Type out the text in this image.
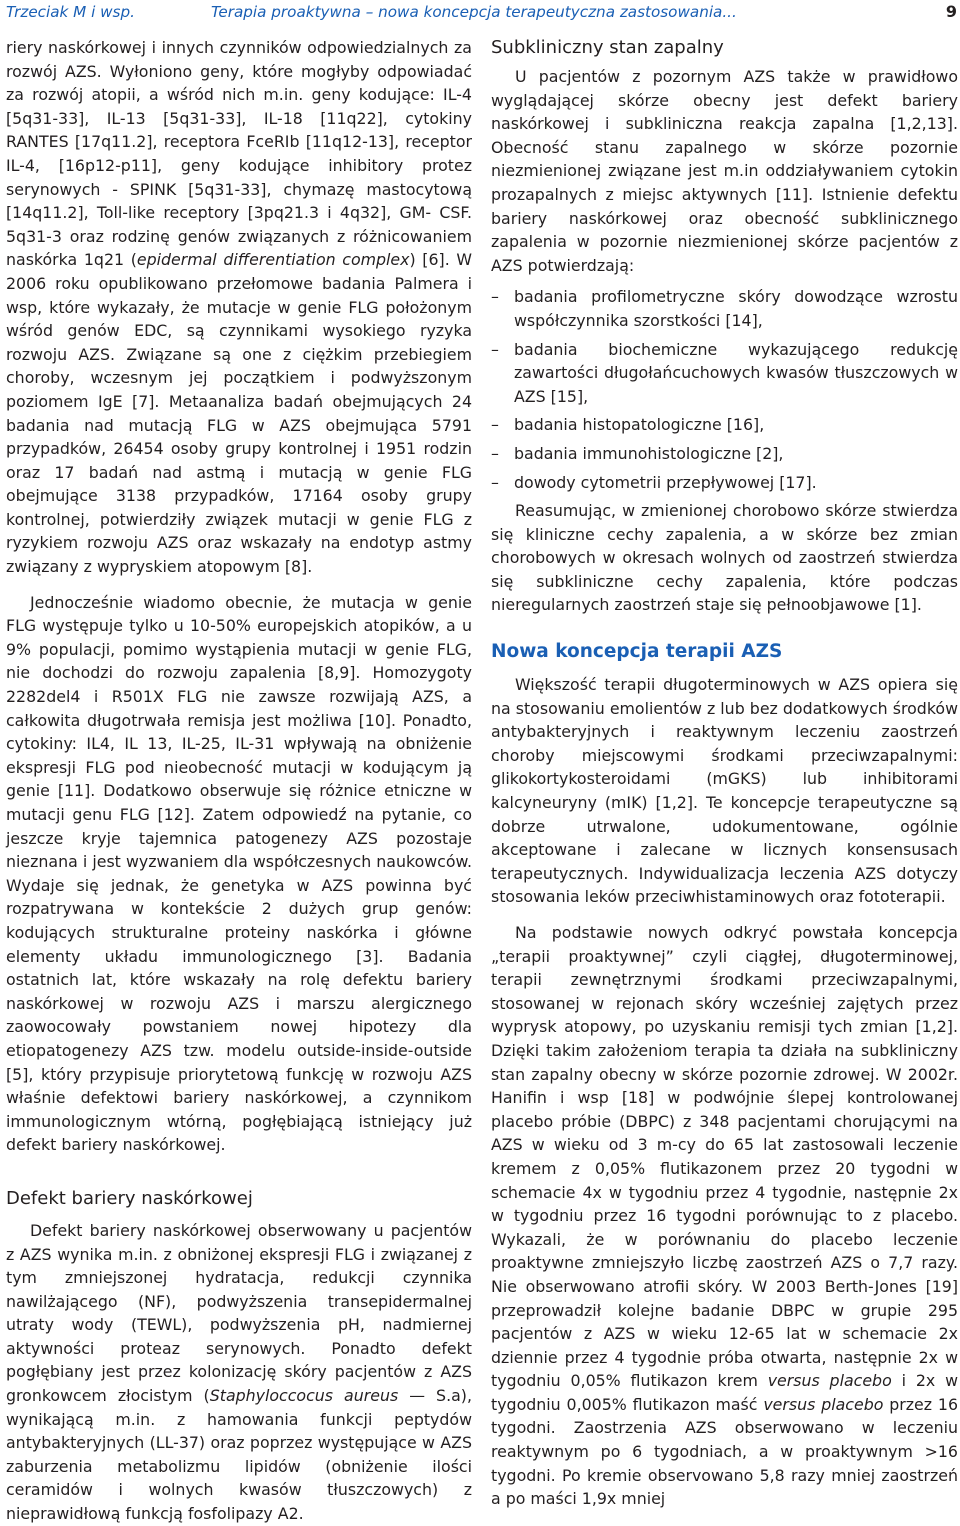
Trzeciak M i wsp.	Terapia proaktywna – nowa koncepcja terapeutyczna zastosowania...	9

riery naskórkowej i innych czynników odpowiedzialnych za rozwój AZS. Wyłoniono geny, które mogłyby odpowiadać za rozwój atopii, a wśród nich m.in. geny kodujące: IL-4 [5q31-33], IL-13 [5q31-33], IL-18 [11q22], cytokiny RANTES [17q11.2], receptora FceRIb [11q12-13], receptor IL-4, [16p12-p11], geny kodujące inhibitory protez serynowych - SPINK [5q31-33], chymazę mastocytową [14q11.2], Toll-like receptory [3pq21.3 i 4q32], GM- CSF. 5q31-3 oraz rodzinę genów związanych z różnicowaniem naskórka 1q21 (epidermal differentiation complex) [6]. W 2006 roku opublikowano przełomowe badania Palmera i wsp, które wykazały, że mutacje w genie FLG położonym wśród genów EDC, są czynnikami wysokiego ryzyka rozwoju AZS. Związane są one z ciężkim przebiegiem choroby, wczesnym jej początkiem i podwyższonym poziomem IgE [7]. Metaanaliza badań obejmujących 24 badania nad mutacją FLG w AZS obejmująca 5791 przypadków, 26454 osoby grupy kontrolnej i 1951 rodzin oraz 17 badań nad astmą i mutacją w genie FLG obejmujące 3138 przypadków, 17164 osoby grupy kontrolnej, potwierdziły związek mutacji w genie FLG z ryzykiem rozwoju AZS oraz wskazały na endotyp astmy związany z wypryskiem atopowym [8].

Jednocześnie wiadomo obecnie, że mutacja w genie FLG występuje tylko u 10-50% europejskich atopików, a u 9% populacji, pomimo wystąpienia mutacji w genie FLG, nie dochodzi do rozwoju zapalenia [8,9]. Homozygoty 2282del4 i R501X FLG nie zawsze rozwijają AZS, a całkowita długotrwała remisja jest możliwa [10]. Ponadto, cytokiny: IL4, IL 13, IL-25, IL-31 wpływają na obniżenie ekspresji FLG pod nieobecność mutacji w kodującym ją genie [11]. Dodatkowo obserwuje się różnice etniczne w mutacji genu FLG [12]. Zatem odpowiedź na pytanie, co jeszcze kryje tajemnica patogenezy AZS pozostaje nieznana i jest wyzwaniem dla współczesnych naukowców. Wydaje się jednak, że genetyka w AZS powinna być rozpatrywana w kontekście 2 dużych grup genów: kodujących strukturalne proteiny naskórka i główne elementy układu immunologicznego [3]. Badania ostatnich lat, które wskazały na rolę defektu bariery naskórkowej w rozwoju AZS i marszu alergicznego zaowocowały powstaniem nowej hipotezy dla etiopatogenezy AZS tzw. modelu outside-inside-outside [5], który przypisuje priorytetową funkcję w rozwoju AZS właśnie defektowi bariery naskórkowej, a czynnikom immunologicznym wtórną, pogłębiającą istniejący już defekt bariery naskórkowej.

Defekt bariery naskórkowej

Defekt bariery naskórkowej obserwowany u pacjentów z AZS wynika m.in. z obniżonej ekspresji FLG i związanej z tym zmniejszonej hydratacja, redukcji czynnika nawilżającego (NF), podwyższenia transepidermalnej utraty wody (TEWL), podwyższenia pH, nadmiernej aktywności proteaz serynowych. Ponadto defekt pogłębiany jest przez kolonizację skóry pacjentów z AZS gronkowcem złocistym (Staphyloccocus aureus — S.a), wynikającą m.in. z hamowania funkcji peptydów antybakteryjnych (LL-37) oraz poprzez występujące w AZS zaburzenia metabolizmu lipidów (obniżenie ilości ceramidów i wolnych kwasów tłuszczowych) z nieprawidłową funkcją fosfolipazy A2.

Subkliniczny stan zapalny

U pacjentów z pozornym AZS także w prawidłowo wyglądającej skórze obecny jest defekt bariery naskórkowej i subkliniczna reakcja zapalna [1,2,13]. Obecność stanu zapalnego w skórze pozornie niezmienionej związane jest m.in oddziaływaniem cytokin prozapalnych z miejsc aktywnych [11]. Istnienie defektu bariery naskórkowej oraz obecność subklinicznego zapalenia w pozornie niezmienionej skórze pacjentów z AZS potwierdzają:

– badania profilometryczne skóry dowodzące wzrostu współczynnika szorstkości [14],
– badania biochemiczne wykazującego redukcję zawartości długołańcuchowych kwasów tłuszczowych w AZS [15],
– badania histopatologiczne [16],
– badania immunohistologiczne [2],
– dowody cytometrii przepływowej [17].

Reasumując, w zmienionej chorobowo skórze stwierdza się kliniczne cechy zapalenia, a w skórze bez zmian chorobowych w okresach wolnych od zaostrzeń stwierdza się subkliniczne cechy zapalenia, które podczas nieregularnych zaostrzeń staje się pełnoobjawowe [1].

Nowa koncepcja terapii AZS

Większość terapii długoterminowych w AZS opiera się na stosowaniu emolientów z lub bez dodatkowych środków antybakteryjnych i reaktywnym leczeniu zaostrzeń choroby miejscowymi środkami przeciwzapalnymi: glikokortykosteroidami (mGKS) lub inhibitorami kalcyneuryny (mIK) [1,2]. Te koncepcje terapeutyczne są dobrze utrwalone, udokumentowane, ogólnie akceptowane i zalecane w licznych konsensusach terapeutycznych. Indywidualizacja leczenia AZS dotyczy stosowania leków przeciwhistaminowych oraz fototerapii.

Na podstawie nowych odkryć powstała koncepcja „terapii proaktywnej” czyli ciągłej, długoterminowej, terapii zewnętrznymi środkami przeciwzapalnymi, stosowanej w rejonach skóry wcześniej zajętych przez wyprysk atopowy, po uzyskaniu remisji tych zmian [1,2]. Dzięki takim założeniom terapia ta działa na subkliniczny stan zapalny obecny w skórze pozornie zdrowej. W 2002r. Hanifin i wsp [18] w podwójnie ślepej kontrolowanej placebo próbie (DBPC) z 348 pacjentami chorującymi na AZS w wieku od 3 m-cy do 65 lat zastosowali leczenie kremem z 0,05% flutikazonem przez 20 tygodni w schemacie 4x w tygodniu przez 4 tygodnie, następnie 2x w tygodniu przez 16 tygodni porównując to z placebo. Wykazali, że w porównaniu do placebo leczenie proaktywne zmniejszyło liczbę zaostrzeń AZS o 7,7 razy. Nie obserwowano atrofii skóry. W 2003 Berth-Jones [19] przeprowadził kolejne badanie DBPC w grupie 295 pacjentów z AZS w wieku 12-65 lat w schemacie 2x dziennie przez 4 tygodnie próba otwarta, następnie 2x w tygodniu 0,05% flutikazon krem versus placebo i 2x w tygodniu 0,005% flutikazon maść versus placebo przez 16 tygodni. Zaostrzenia AZS obserwowano w leczeniu reaktywnym po 6 tygodniach, a w proaktywnym >16 tygodni. Po kremie observowano 5,8 razy mniej zaostrzeń a po maści 1,9x mniej
